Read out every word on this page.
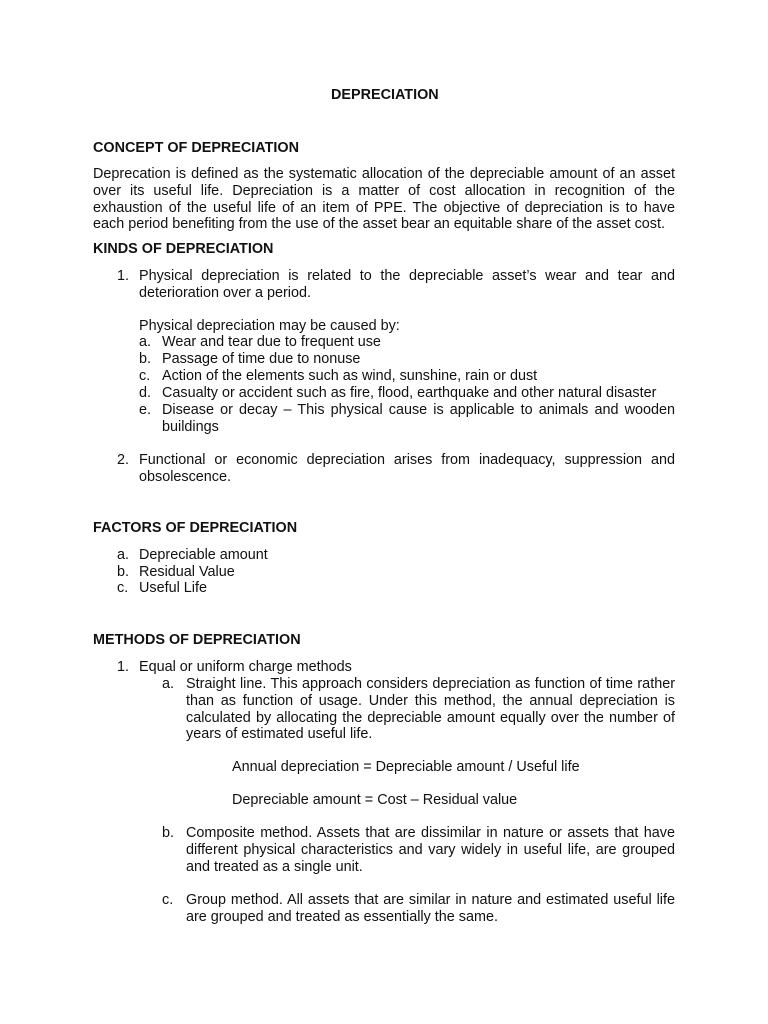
DEPRECIATION
CONCEPT OF DEPRECIATION
Deprecation is defined as the systematic allocation of the depreciable amount of an asset over its useful life. Depreciation is a matter of cost allocation in recognition of the exhaustion of the useful life of an item of PPE. The objective of depreciation is to have each period benefiting from the use of the asset bear an equitable share of the asset cost.
KINDS OF DEPRECIATION
1. Physical depreciation is related to the depreciable asset’s wear and tear and deterioration over a period.
Physical depreciation may be caused by:
a. Wear and tear due to frequent use
b. Passage of time due to nonuse
c. Action of the elements such as wind, sunshine, rain or dust
d. Casualty or accident such as fire, flood, earthquake and other natural disaster
e. Disease or decay – This physical cause is applicable to animals and wooden buildings
2. Functional or economic depreciation arises from inadequacy, suppression and obsolescence.
FACTORS OF DEPRECIATION
a. Depreciable amount
b. Residual Value
c. Useful Life
METHODS OF DEPRECIATION
1. Equal or uniform charge methods
a. Straight line. This approach considers depreciation as function of time rather than as function of usage. Under this method, the annual depreciation is calculated by allocating the depreciable amount equally over the number of years of estimated useful life.
Annual depreciation = Depreciable amount / Useful life
Depreciable amount = Cost – Residual value
b. Composite method. Assets that are dissimilar in nature or assets that have different physical characteristics and vary widely in useful life, are grouped and treated as a single unit.
c. Group method. All assets that are similar in nature and estimated useful life are grouped and treated as essentially the same.
